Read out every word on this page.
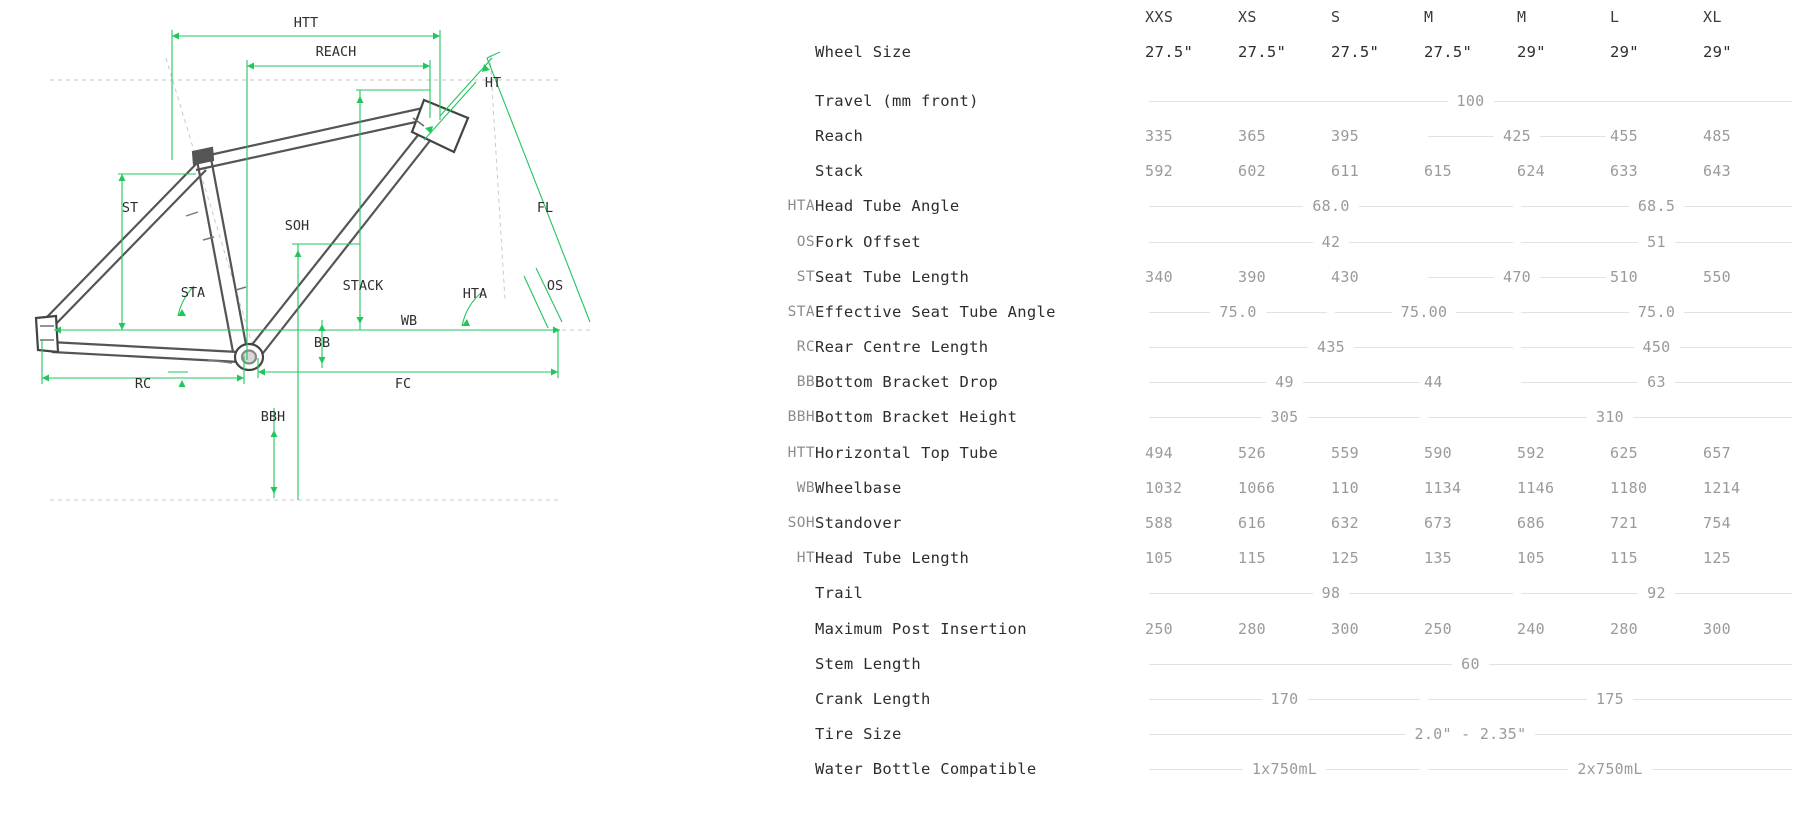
HTT
REACH
HT
ST
SOH
FL
STA	STACK	HTA	OS
WB
BB
RC	FC
BBH
		XXS	XS	S	M	M	L	XL
	Wheel Size	27.5"	27.5"	27.5"	27.5"	29"	29"	29"

	Travel (mm front)	100						
	Reach	335	365	395	425		455	485
	Stack	592	602	611	615	624	633	643
HTA	Head Tube Angle	68.0				68.5		
OS	Fork Offset	42				51		
ST	Seat Tube Length	340	390	430	470		510	550
STA	Effective Seat Tube Angle	75.0		75.00		75.0		
RC	Rear Centre Length	435				450		
BB	Bottom Bracket Drop	49			44	63		
BBH	Bottom Bracket Height	305			310			
HTT	Horizontal Top Tube	494	526	559	590	592	625	657
WB	Wheelbase	1032	1066	110	1134	1146	1180	1214
SOH	Standover	588	616	632	673	686	721	754
HT	Head Tube Length	105	115	125	135	105	115	125
	Trail	98				92		
	Maximum Post Insertion	250	280	300	250	240	280	300
	Stem Length	60						
	Crank Length	170			175			
	Tire Size	2.0" - 2.35"						
	Water Bottle Compatible	1x750mL			2x750mL			
